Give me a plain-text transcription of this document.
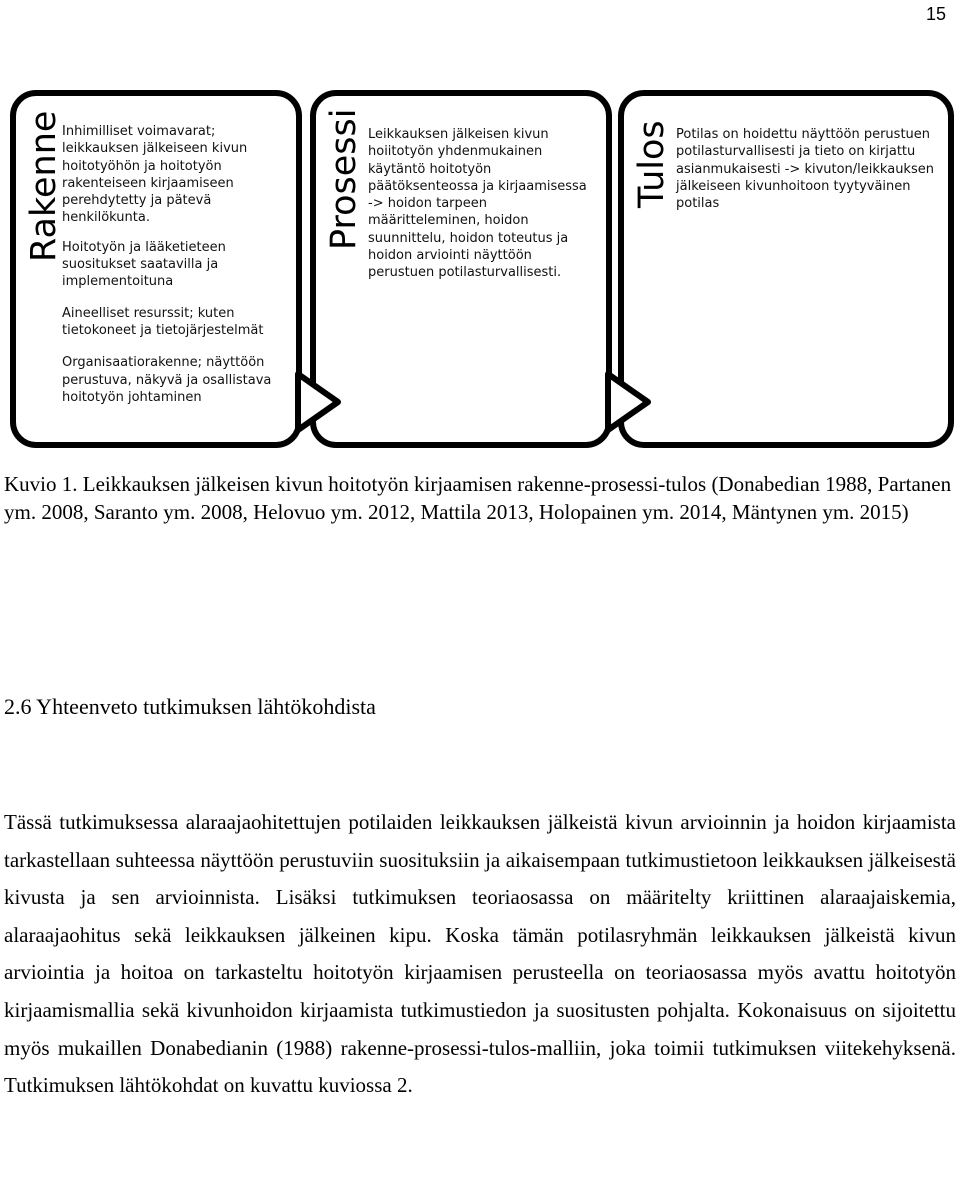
15
Rakenne

Inhimilliset voimavarat; leikkauksen jälkeiseen kivun hoitotyöhön ja hoitotyön rakenteiseen kirjaamiseen perehdytetty ja pätevä henkilökunta.

Hoitotyön ja lääketieteen suositukset saatavilla ja implementoituna

Aineelliset resurssit; kuten tietokoneet ja tietojärjestelmät

Organisaatiorakenne; näyttöön perustuva, näkyvä ja osallistava hoitotyön johtaminen

Prosessi Leikkauksen jälkeisen kivun hoiitotyön yhdenmukainen käytäntö hoitotyön päätöksenteossa ja kirjaamisessa -> hoidon tarpeen määritteleminen, hoidon suunnittelu, hoidon toteutus ja hoidon arviointi näyttöön perustuen potilasturvallisesti.

Tulos Potilas on hoidettu näyttöön perustuen potilasturvallisesti ja tieto on kirjattu asianmukaisesti -> kivuton/leikkauksen jälkeiseen kivunhoitoon tyytyväinen potilas

Kuvio 1. Leikkauksen jälkeisen kivun hoitotyön kirjaamisen rakenne-prosessi-tulos (Donabedian 1988, Partanen ym. 2008, Saranto ym. 2008, Helovuo ym. 2012, Mattila 2013, Holopainen ym. 2014, Mäntynen ym. 2015)

2.6 Yhteenveto tutkimuksen lähtökohdista

Tässä tutkimuksessa alaraajaohitettujen potilaiden leikkauksen jälkeistä kivun arvioinnin ja hoidon kirjaamista tarkastellaan suhteessa näyttöön perustuviin suosituksiin ja aikaisempaan tutkimustietoon leikkauksen jälkeisestä kivusta ja sen arvioinnista. Lisäksi tutkimuksen teoriaosassa on määritelty kriittinen alaraajaiskemia, alaraajaohitus sekä leikkauksen jälkeinen kipu. Koska tämän potilasryhmän leikkauksen jälkeistä kivun arviointia ja hoitoa on tarkasteltu hoitotyön kirjaamisen perusteella on teoriaosassa myös avattu hoitotyön kirjaamismallia sekä kivunhoidon kirjaamista tutkimustiedon ja suositusten pohjalta. Kokonaisuus on sijoitettu myös mukaillen Donabedianin (1988) rakenne-prosessi-tulos-malliin, joka toimii tutkimuksen viitekehyksenä. Tutkimuksen lähtökohdat on kuvattu kuviossa 2.
